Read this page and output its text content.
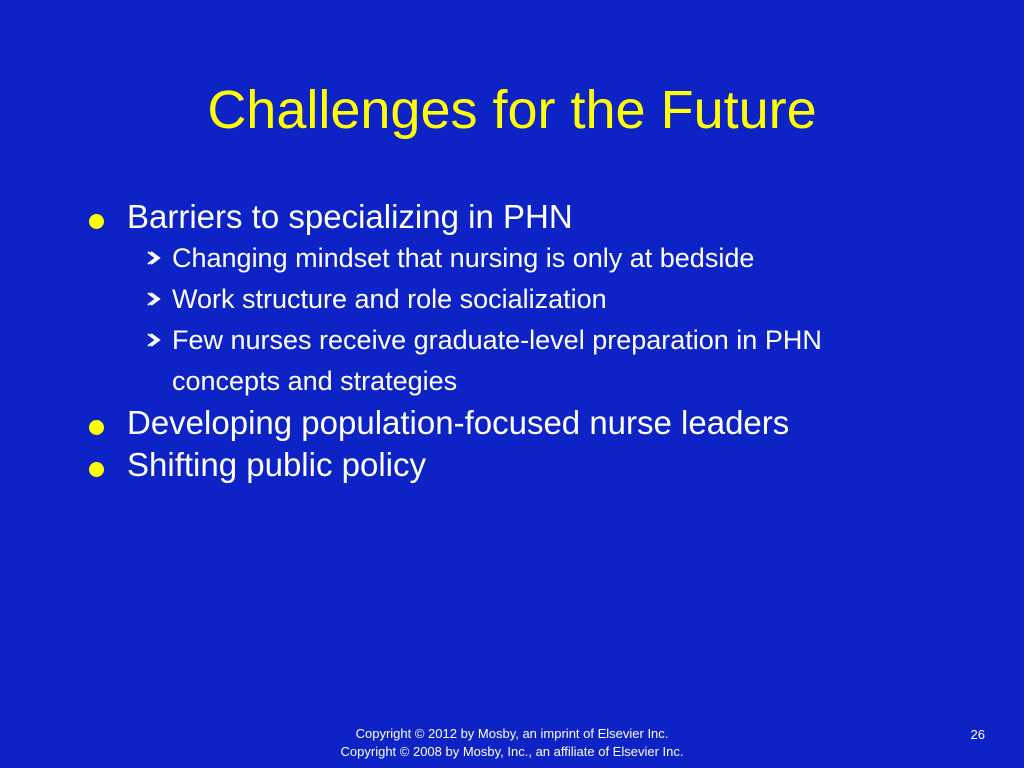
Challenges for the Future
Barriers to specializing in PHN
Changing mindset that nursing is only at bedside
Work structure and role socialization
Few nurses receive graduate-level preparation in PHN concepts and strategies
Developing population-focused nurse leaders
Shifting public policy
Copyright © 2012 by Mosby, an imprint of Elsevier Inc.
Copyright © 2008 by Mosby, Inc., an affiliate of Elsevier Inc.
26
